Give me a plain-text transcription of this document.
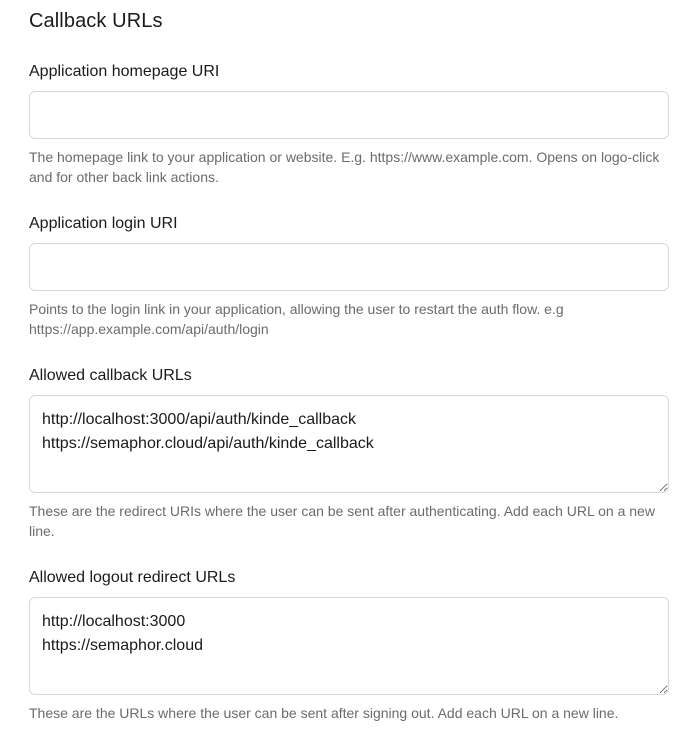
Callback URLs
Application homepage URI
The homepage link to your application or website. E.g. https://www.example.com. Opens on logo-click and for other back link actions.
Application login URI
Points to the login link in your application, allowing the user to restart the auth flow. e.g https://app.example.com/api/auth/login
Allowed callback URLs
http://localhost:3000/api/auth/kinde_callback https://semaphor.cloud/api/auth/kinde_callback
These are the redirect URIs where the user can be sent after authenticating. Add each URL on a new line.
Allowed logout redirect URLs
http://localhost:3000 https://semaphor.cloud
These are the URLs where the user can be sent after signing out. Add each URL on a new line.
